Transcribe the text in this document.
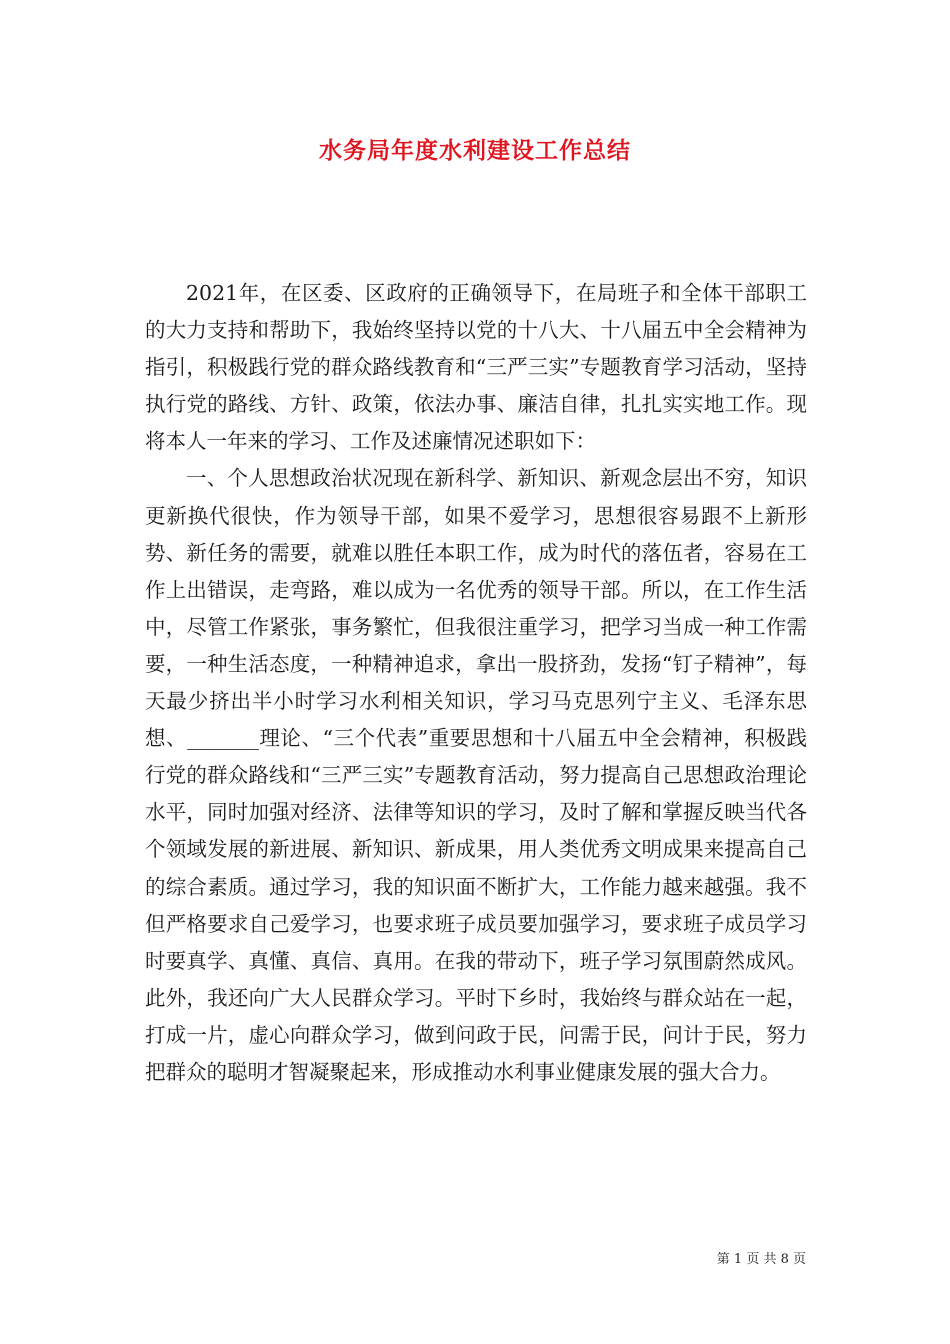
水务局年度水利建设工作总结

2021年，在区委、区政府的正确领导下，在局班子和全体干部职工的大力支持和帮助下，我始终坚持以党的十八大、十八届五中全会精神为指引，积极践行党的群众路线教育和“三严三实”专题教育学习活动，坚持执行党的路线、方针、政策，依法办事、廉洁自律，扎扎实实地工作。现将本人一年来的学习、工作及述廉情况述职如下：

一、个人思想政治状况现在新科学、新知识、新观念层出不穷，知识更新换代很快，作为领导干部，如果不爱学习，思想很容易跟不上新形势、新任务的需要，就难以胜任本职工作，成为时代的落伍者，容易在工作上出错误，走弯路，难以成为一名优秀的领导干部。所以，在工作生活中，尽管工作紧张，事务繁忙，但我很注重学习，把学习当成一种工作需要，一种生活态度，一种精神追求，拿出一股挤劲，发扬“钉子精神”，每天最少挤出半小时学习水利相关知识，学习马克思列宁主义、毛泽东思想、_______理论、“三个代表”重要思想和十八届五中全会精神，积极践行党的群众路线和“三严三实”专题教育活动，努力提高自己思想政治理论水平，同时加强对经济、法律等知识的学习，及时了解和掌握反映当代各个领域发展的新进展、新知识、新成果，用人类优秀文明成果来提高自己的综合素质。通过学习，我的知识面不断扩大，工作能力越来越强。我不但严格要求自己爱学习，也要求班子成员要加强学习，要求班子成员学习时要真学、真懂、真信、真用。在我的带动下，班子学习氛围蔚然成风。此外，我还向广大人民群众学习。平时下乡时，我始终与群众站在一起，打成一片，虚心向群众学习，做到问政于民，问需于民，问计于民，努力把群众的聪明才智凝聚起来，形成推动水利事业健康发展的强大合力。

第 1 页 共 8 页
